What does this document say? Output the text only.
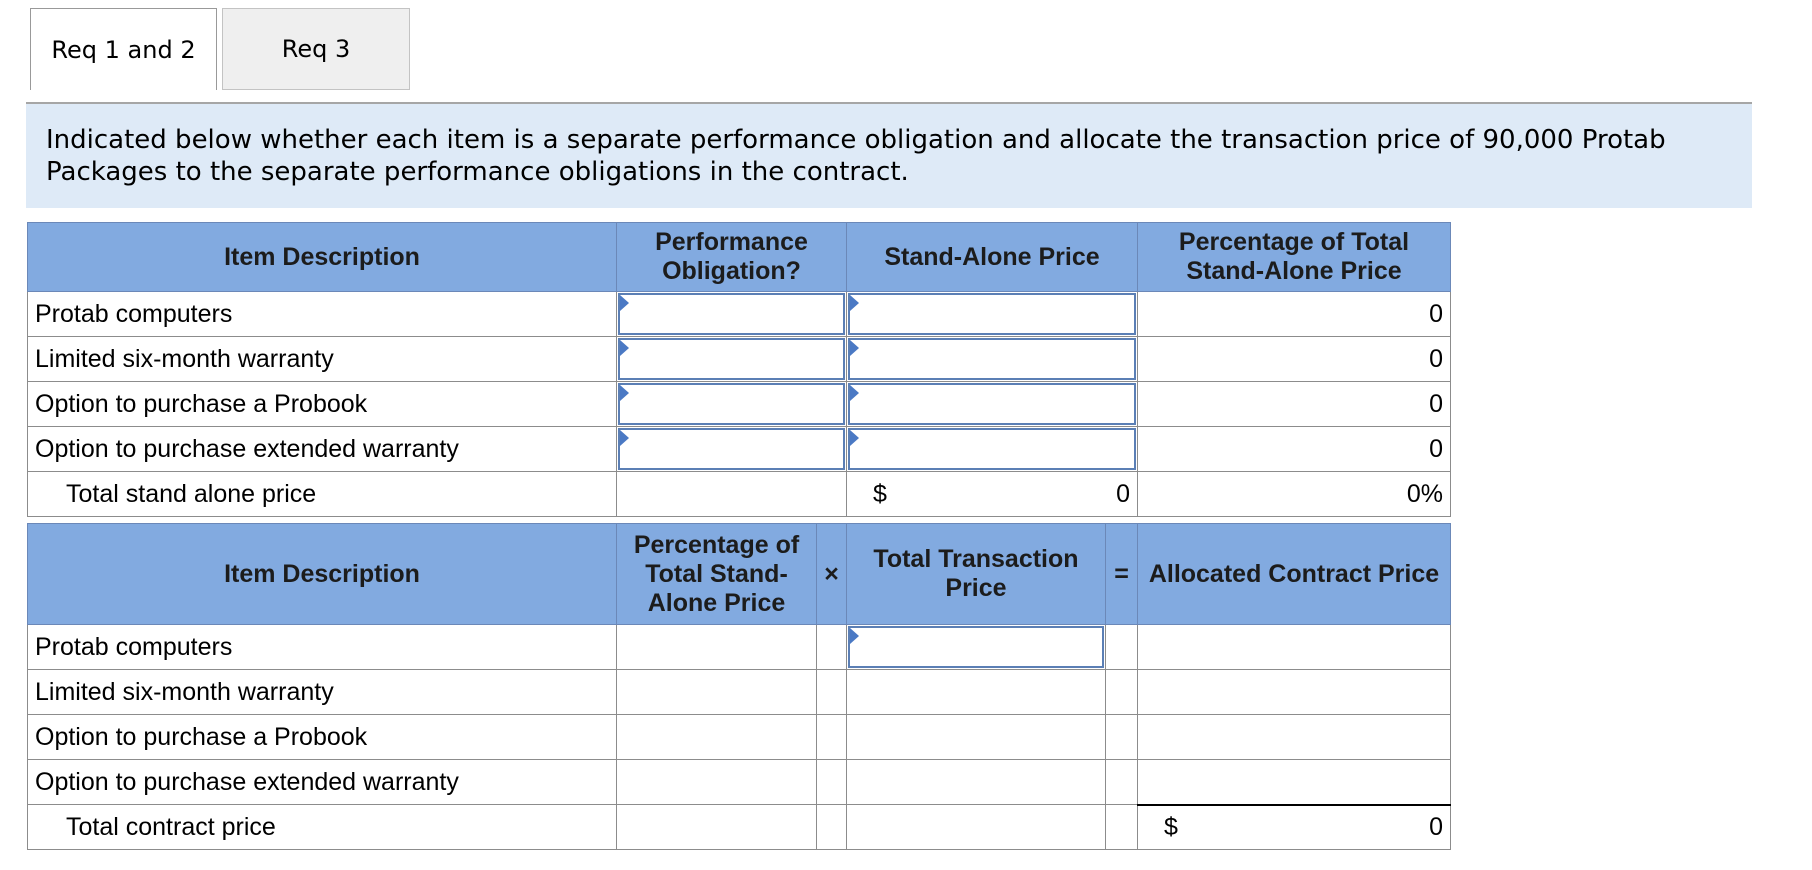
Req 1 and 2	Req 3
Indicated below whether each item is a separate performance obligation and allocate the transaction price of 90,000 Protab Packages to the separate performance obligations in the contract.
Item Description	Performance Obligation?	Stand-Alone Price	Percentage of Total Stand-Alone Price
Protab computers			0
Limited six-month warranty			0
Option to purchase a Probook			0
Option to purchase extended warranty			0
Total stand alone price		$ 0	0%
Item Description	Percentage of Total Stand-Alone Price	×	Total Transaction Price	=	Allocated Contract Price
Protab computers			

Limited six-month warranty					
Option to purchase a Probook					
Option to purchase extended warranty					
Total contract price					$ 0
